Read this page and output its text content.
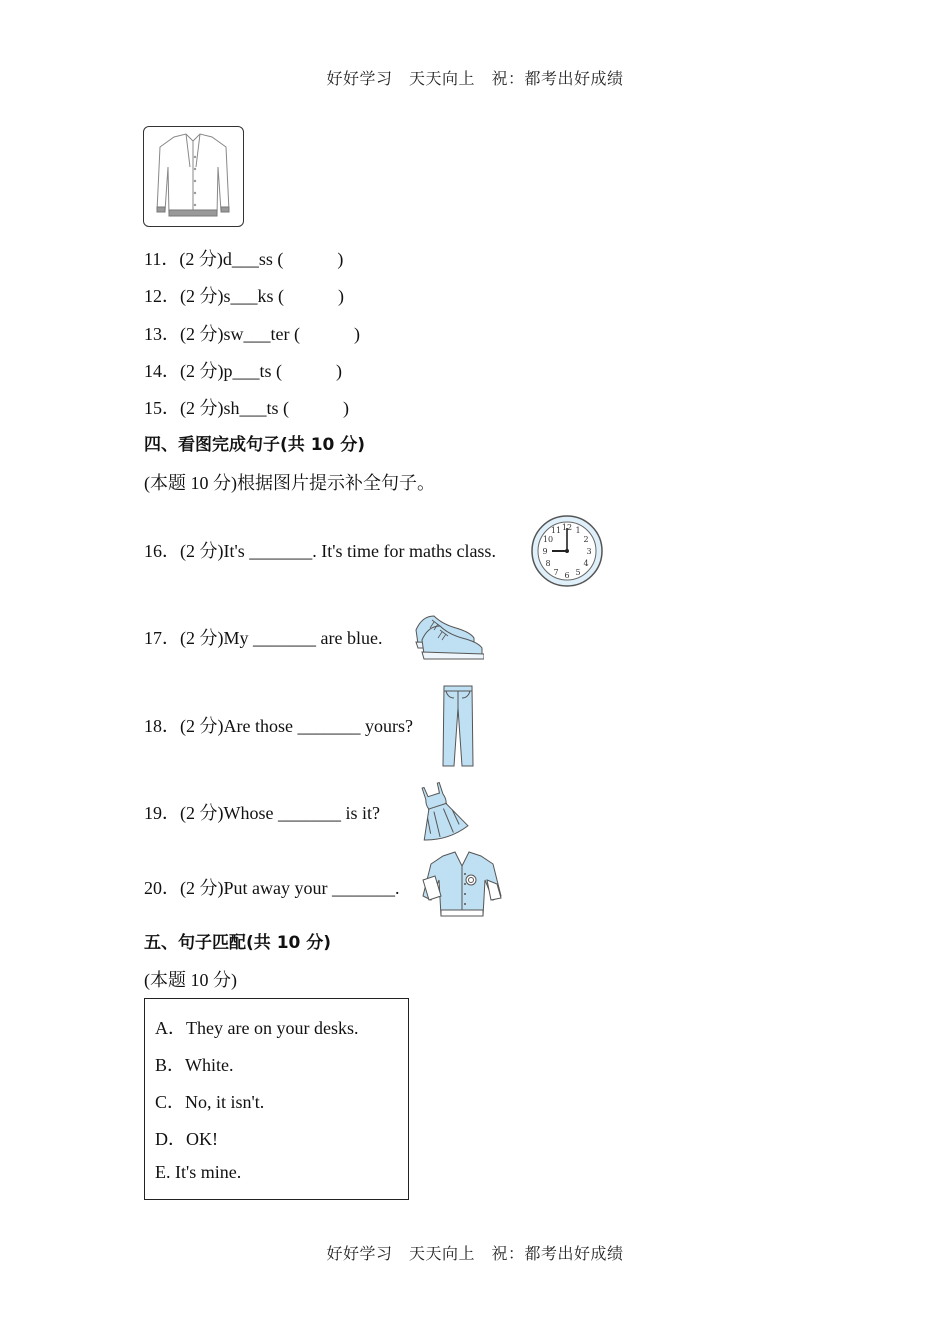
好好学习　天天向上　祝：都考出好成绩
11．(2 分)d___ss (　　　)
12．(2 分)s___ks (　　　)
13．(2 分)sw___ter (　　　)
14．(2 分)p___ts (　　　)
15．(2 分)sh___ts (　　　)
四、看图完成句子(共 10 分)
(本题 10 分)根据图片提示补全句子。
16．(2 分)It's _______. It's time for maths class.
12 1
2
3
4
5
6
7
8
9
10
11
17．(2 分)My _______ are blue.
18．(2 分)Are those _______ yours?
19．(2 分)Whose _______ is it?
20．(2 分)Put away your _______.
五、句子匹配(共 10 分)
(本题 10 分)
A．They are on your desks.
B．White.
C．No, it isn't.
D．OK!
E. It's mine.
好好学习　天天向上　祝：都考出好成绩
